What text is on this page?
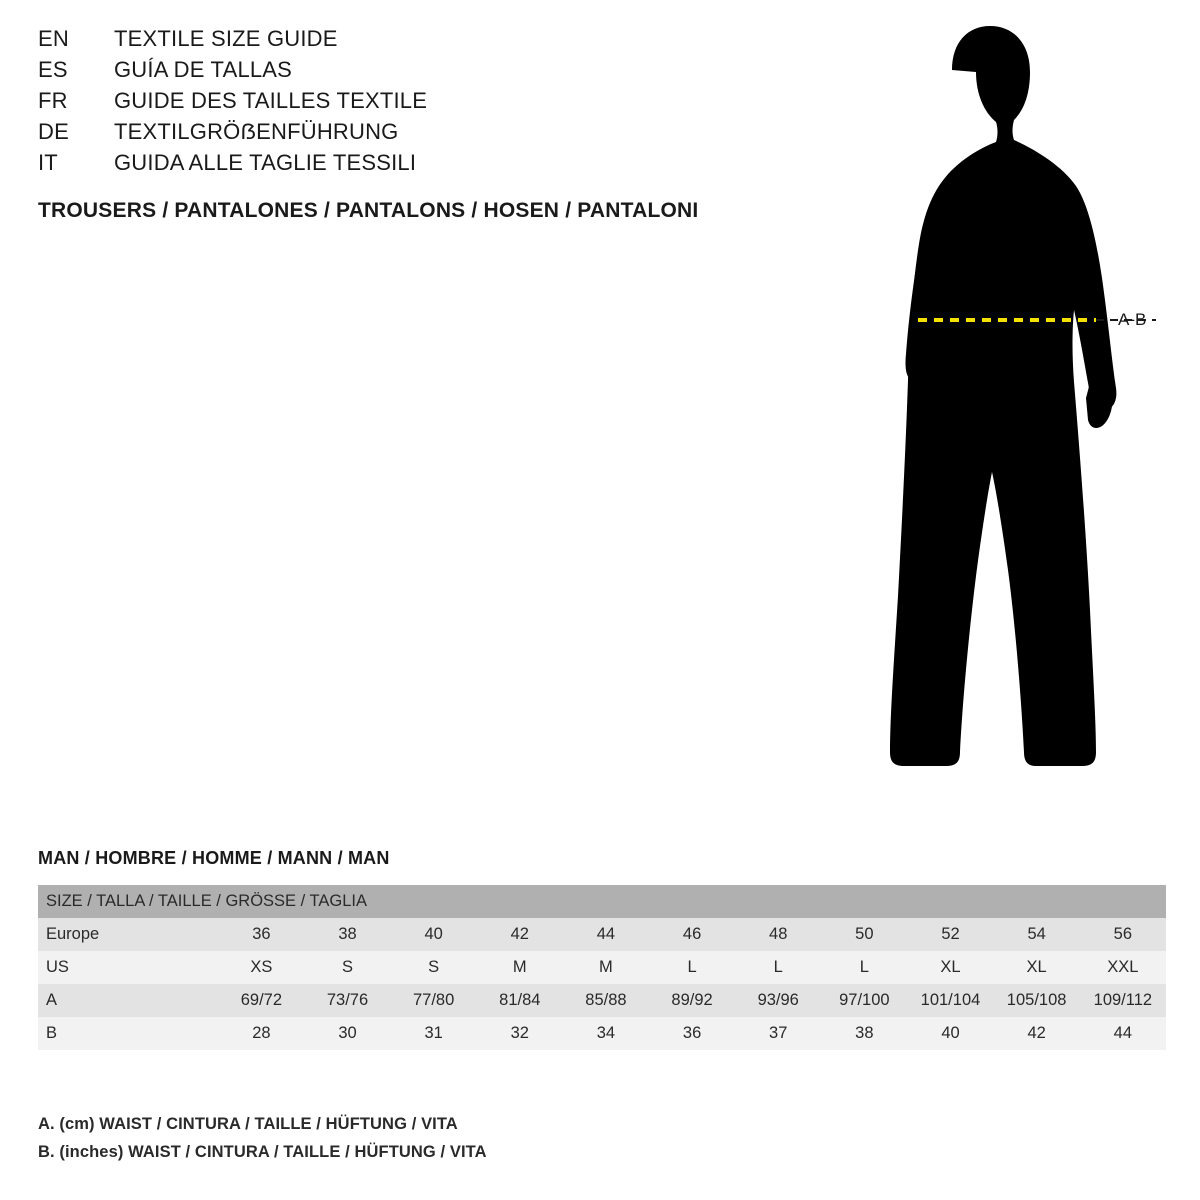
EN	TEXTILE SIZE GUIDE
ES	GUÍA DE TALLAS
FR	GUIDE DES TAILLES TEXTILE
DE	TEXTILGRÖẞENFÜHRUNG
IT	GUIDA ALLE TAGLIE TESSILI
TROUSERS / PANTALONES / PANTALONS / HOSEN / PANTALONI
A-B
MAN / HOMBRE / HOMME / MANN / MAN
SIZE / TALLA / TAILLE / GRÖSSE / TAGLIA											
Europe	36	38	40	42	44	46	48	50	52	54	56
US	XS	S	S	M	M	L	L	L	XL	XL	XXL
A	69/72	73/76	77/80	81/84	85/88	89/92	93/96	97/100	101/104	105/108	109/112
B	28	30	31	32	34	36	37	38	40	42	44
A. (cm) WAIST / CINTURA / TAILLE / HÜFTUNG / VITA
B. (inches) WAIST / CINTURA / TAILLE / HÜFTUNG / VITA
